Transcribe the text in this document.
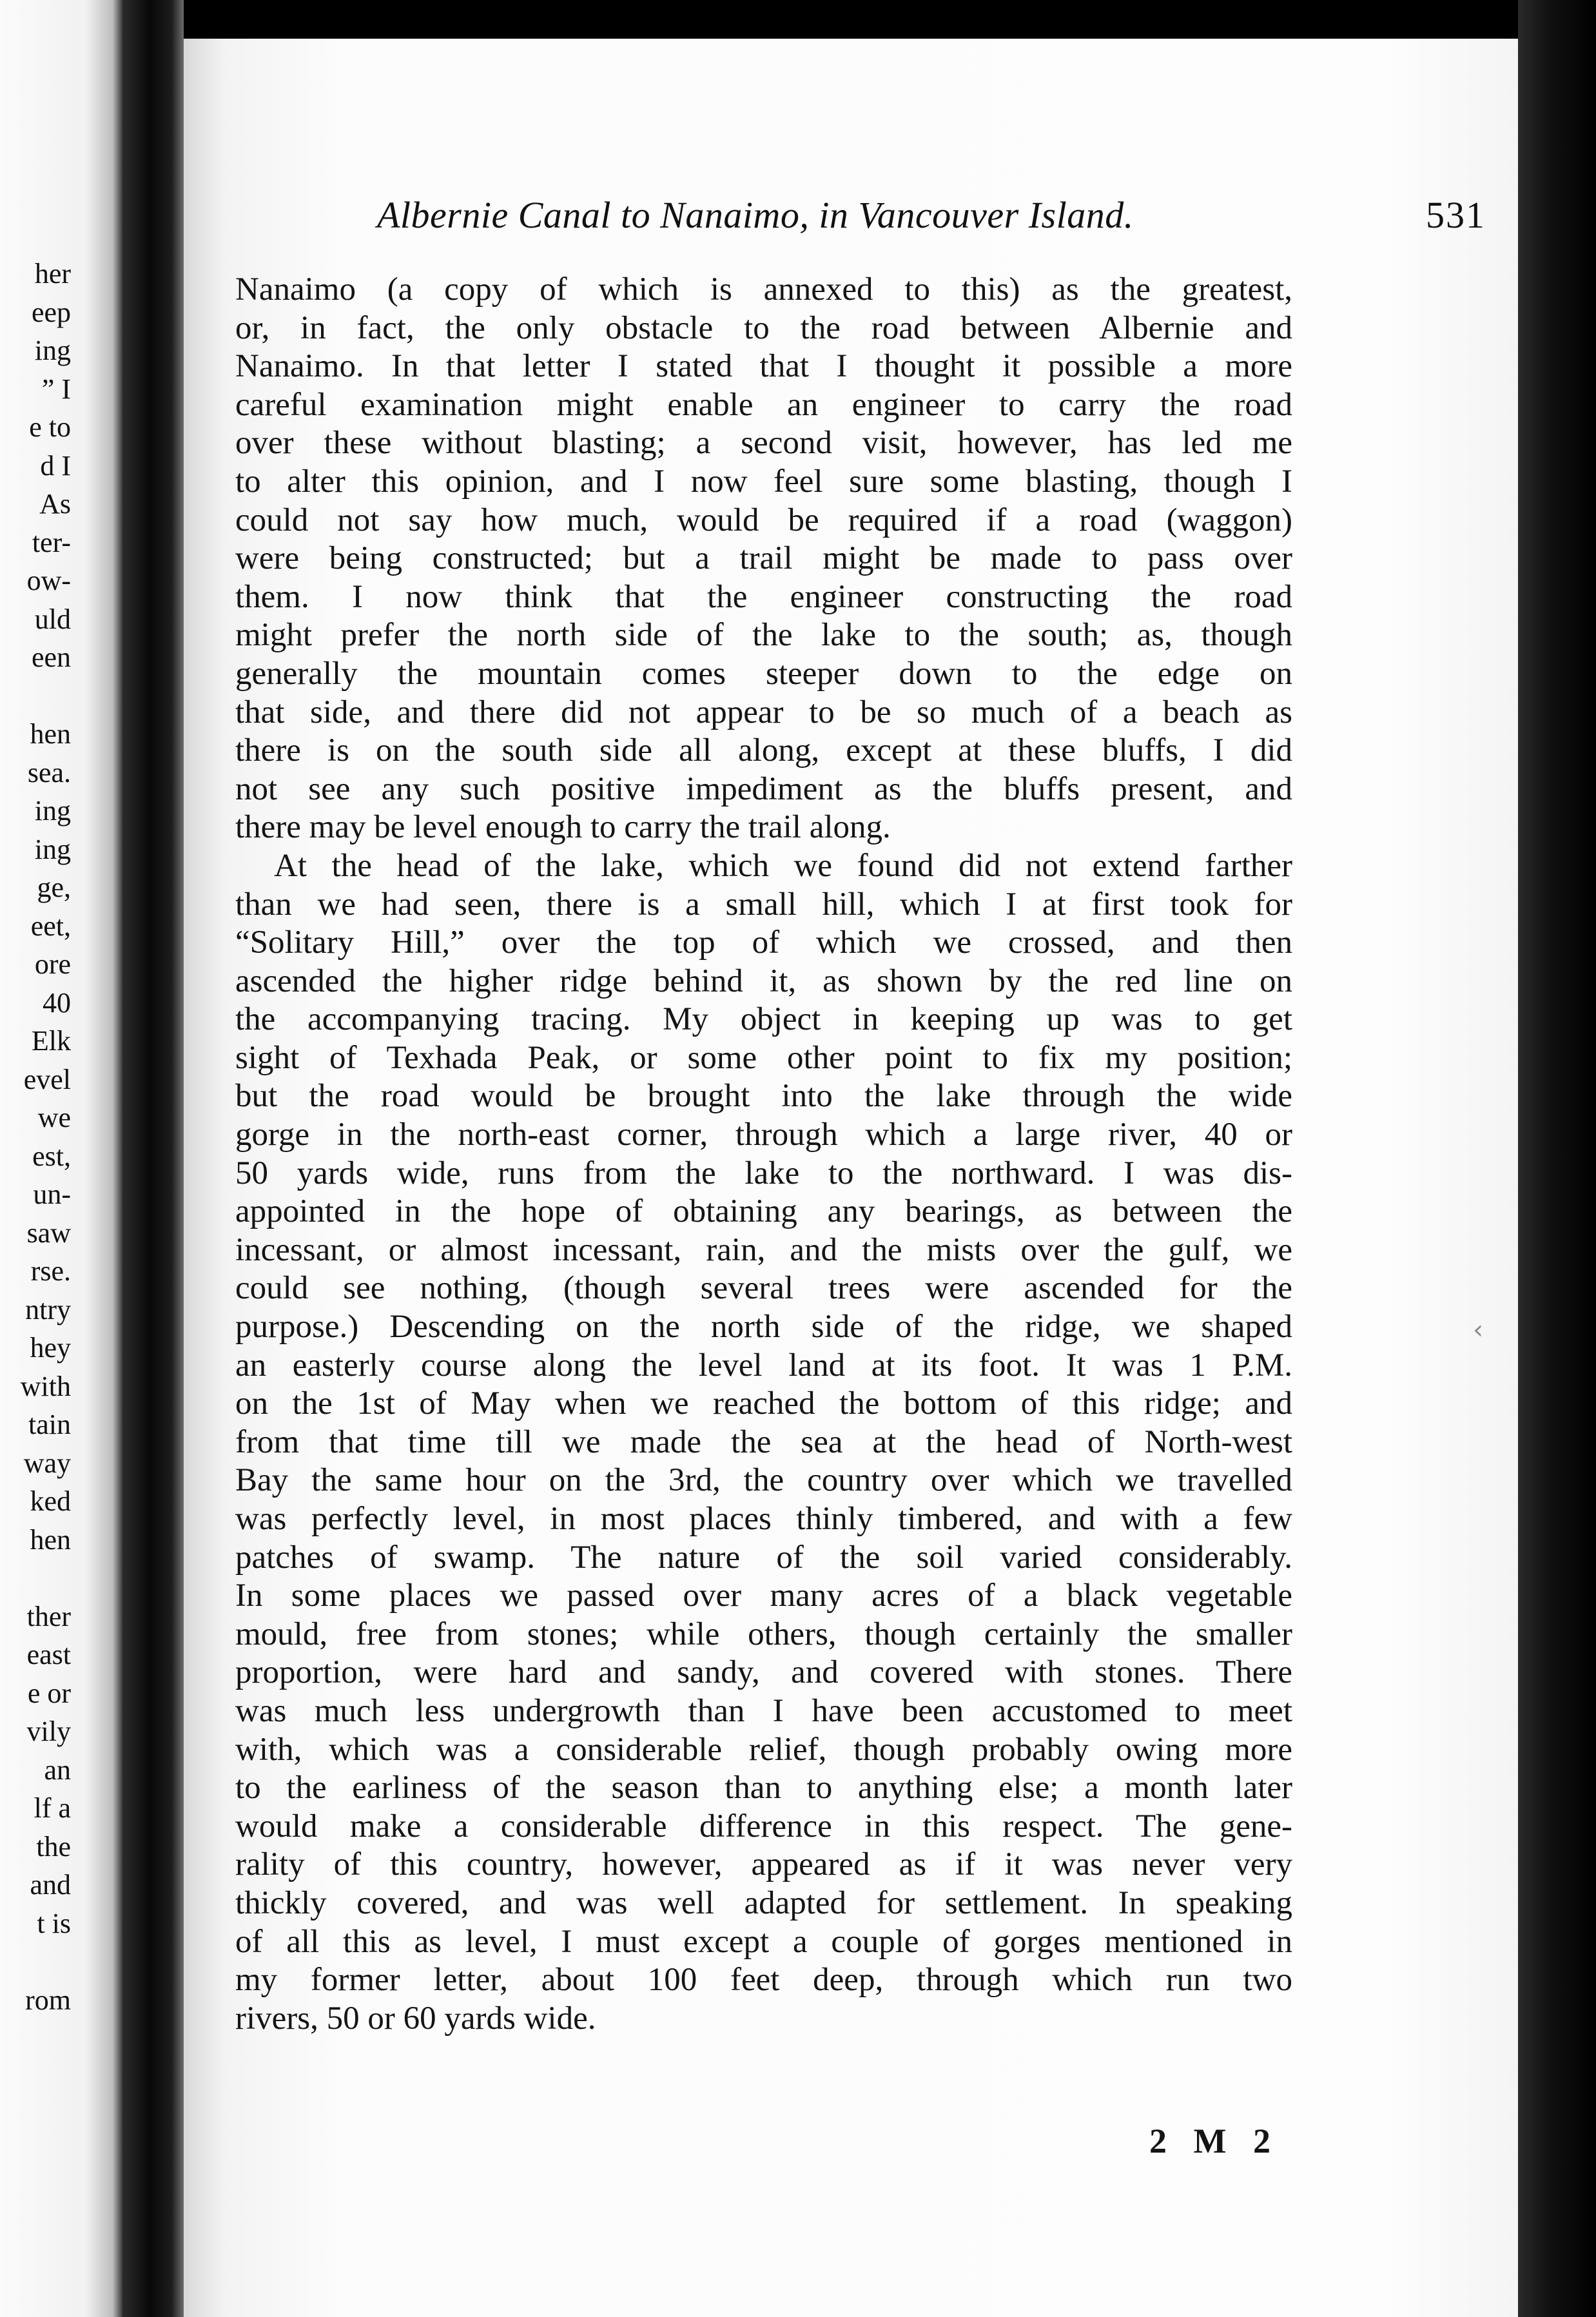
her
eep
ing
” I
e to
d I
As
ter-
ow-
uld
een
hen
sea.
ing
ing
ge,
eet,
ore
40
Elk
evel
we
est,
un-
saw
rse.
ntry
hey
with
tain
way
ked
hen
ther
east
e or
vily
an
lf a
the
and
t is
rom
Albernie Canal to Nanaimo, in Vancouver Island.	531
Nanaimo (a copy of which is annexed to this) as the greatest,
or, in fact, the only obstacle to the road between Albernie and
Nanaimo. In that letter I stated that I thought it possible a more
careful examination might enable an engineer to carry the road
over these without blasting; a second visit, however, has led me
to alter this opinion, and I now feel sure some blasting, though I
could not say how much, would be required if a road (waggon)
were being constructed; but a trail might be made to pass over
them. I now think that the engineer constructing the road
might prefer the north side of the lake to the south; as, though
generally the mountain comes steeper down to the edge on
that side, and there did not appear to be so much of a beach as
there is on the south side all along, except at these bluffs, I did
not see any such positive impediment as the bluffs present, and
there may be level enough to carry the trail along.
At the head of the lake, which we found did not extend farther
than we had seen, there is a small hill, which I at first took for
“Solitary Hill,” over the top of which we crossed, and then
ascended the higher ridge behind it, as shown by the red line on
the accompanying tracing. My object in keeping up was to get
sight of Texhada Peak, or some other point to fix my position;
but the road would be brought into the lake through the wide
gorge in the north-east corner, through which a large river, 40 or
50 yards wide, runs from the lake to the northward. I was dis-
appointed in the hope of obtaining any bearings, as between the
incessant, or almost incessant, rain, and the mists over the gulf, we
could see nothing, (though several trees were ascended for the
purpose.) Descending on the north side of the ridge, we shaped
an easterly course along the level land at its foot. It was 1 P.M.
on the 1st of May when we reached the bottom of this ridge; and
from that time till we made the sea at the head of North-west
Bay the same hour on the 3rd, the country over which we travelled
was perfectly level, in most places thinly timbered, and with a few
patches of swamp. The nature of the soil varied considerably.
In some places we passed over many acres of a black vegetable
mould, free from stones; while others, though certainly the smaller
proportion, were hard and sandy, and covered with stones. There
was much less undergrowth than I have been accustomed to meet
with, which was a considerable relief, though probably owing more
to the earliness of the season than to anything else; a month later
would make a considerable difference in this respect. The gene-
rality of this country, however, appeared as if it was never very
thickly covered, and was well adapted for settlement. In speaking
of all this as level, I must except a couple of gorges mentioned in
my former letter, about 100 feet deep, through which run two
rivers, 50 or 60 yards wide.
2 M 2
‹
